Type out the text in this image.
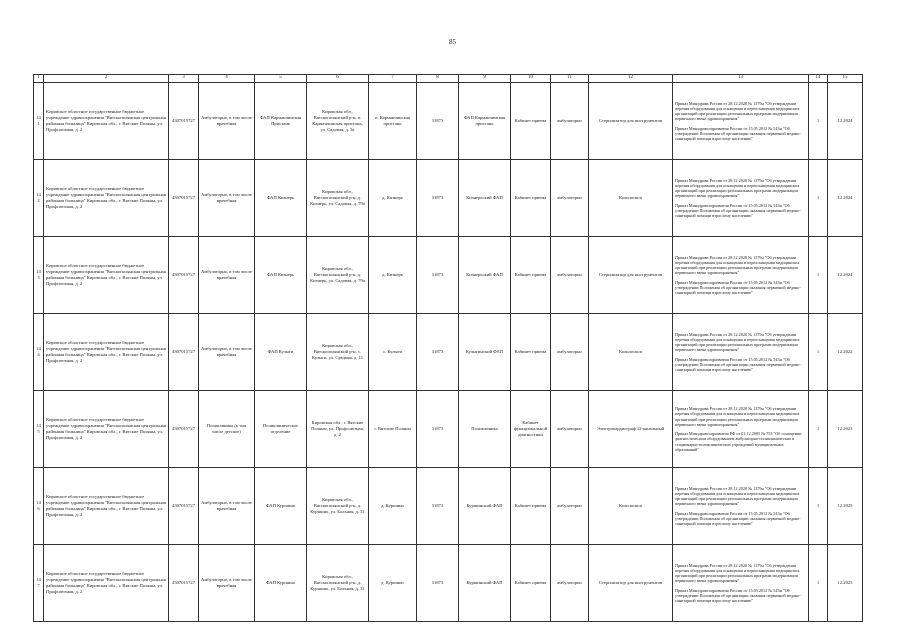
85
1	2	3	4	5	6	7	8	9	10	11	12	13	14	15
141	Кировское областное государственное бюджетное учреждение здравоохранения "Вятскополянская центральная районная больница" Кировская обл., г. Вятские Поляны, ул. Профсоюзная, д. 2	4307015727	Амбулаторно, в том числе врачебная	ФАП Карманчинская Пристань	Кировская обл., Вятскополянский р-н, п. Карманчинская пристань, ул. Садовая, д. 5а	п. Карманчинская пристань	31873	ФАП Карманчинская пристань	Кабинет приема	амбулаторно	Стерилизатор для инструментов	Приказ Минздрава России от 28.12.2020 № 1379н "Об утверждении перечня оборудования для оснащения и переоснащения медицинских организаций при реализации региональных программ модернизации первичного звена здравоохранения"
Приказ Минздравсоцразвития России от 15.05.2012 № 543н "Об утверждении Положения об организации оказания первичной медико-санитарной помощи взрослому населению"	1	12.2024
142	Кировское областное государственное бюджетное учреждение здравоохранения "Вятскополянская центральная районная больница" Кировская обл., г. Вятские Поляны, ул. Профсоюзная, д. 2	4307015727	Амбулаторно, в том числе врачебная	ФАП Кизнерь	Кировская обл., Вятскополянский р-н, д. Кизнерь, ул. Садовая, д. 79а	д. Кизнерь	31873	Кизнерьский ФАП	Кабинет приема	амбулаторно	Кольпоскоп	Приказ Минздрава России от 28.12.2020 № 1379н "Об утверждении перечня оборудования для оснащения и переоснащения медицинских организаций при реализации региональных программ модернизации первичного звена здравоохранения"
Приказ Минздравсоцразвития России от 15.05.2012 № 543н "Об утверждении Положения об организации оказания первичной медико-санитарной помощи взрослому населению"	1	12.2024
143	Кировское областное государственное бюджетное учреждение здравоохранения "Вятскополянская центральная районная больница" Кировская обл., г. Вятские Поляны, ул. Профсоюзная, д. 2	4307015727	Амбулаторно, в том числе врачебная	ФАП Кизнерь	Кировская обл., Вятскополянский р-н, д. Кизнерь, ул. Садовая, д. 79а	д. Кизнерь	31873	Кизнерьский ФАП	Кабинет приема	амбулаторно	Стерилизатор для инструментов	Приказ Минздрава России от 28.12.2020 № 1379н "Об утверждении перечня оборудования для оснащения и переоснащения медицинских организаций при реализации региональных программ модернизации первичного звена здравоохранения"
Приказ Минздравсоцразвития России от 15.05.2012 № 543н "Об утверждении Положения об организации оказания первичной медико-санитарной помощи взрослому населению"	1	12.2024
144	Кировское областное государственное бюджетное учреждение здравоохранения "Вятскополянская центральная районная больница" Кировская обл., г. Вятские Поляны, ул. Профсоюзная, д. 2	4307015727	Амбулаторно, в том числе врачебная	ФАП Кулыги	Кировская обл., Вятскополянский р-н, с. Кулыги, ул. Средняя, д. 11	с. Кулыги	31873	Кулыгинский ФАП	Кабинет приема	амбулаторно	Кольпоскоп	Приказ Минздрава России от 28.12.2020 № 1379н "Об утверждении перечня оборудования для оснащения и переоснащения медицинских организаций при реализации региональных программ модернизации первичного звена здравоохранения"
Приказ Минздравсоцразвития России от 15.05.2012 № 543н "Об утверждении Положения об организации оказания первичной медико-санитарной помощи взрослому населению"	1	12.2022
145	Кировское областное государственное бюджетное учреждение здравоохранения "Вятскополянская центральная районная больница" Кировская обл., г. Вятские Поляны, ул. Профсоюзная, д. 2	4307015727	Поликлиника (в том числе детское)	Поликлиническое отделение	Кировская обл., г. Вятские Поляны, ул. Профсоюзная, д. 2	г. Вятские Поляны	31873	Поликлиника	Кабинет функциональной диагностики	амбулаторно	Электрокардиограф 12-канальный	Приказ Минздрава России от 28.12.2020 № 1379н "Об утверждении перечня оборудования для оснащения и переоснащения медицинских организаций при реализации региональных программ модернизации первичного звена здравоохранения"
Приказ Минздравсоцразвития РФ от 01.12.2005 № 753 "Об оснащении диагностическим оборудованием амбулаторно-поликлинических и стационарно-поликлинических учреждений муниципальных образований"	1	12.2021
146	Кировское областное государственное бюджетное учреждение здравоохранения "Вятскополянская центральная районная больница" Кировская обл., г. Вятские Поляны, ул. Профсоюзная, д. 2	4307015727	Амбулаторно, в том числе врачебная	ФАП Куршино	Кировская обл., Вятскополянский р-н, д. Куршино, ул. Больная, д. 31	д. Куршино	31873	Куршинский ФАП	Кабинет приема	амбулаторно	Кольпоскоп	Приказ Минздрава России от 28.12.2020 № 1379н "Об утверждении перечня оборудования для оснащения и переоснащения медицинских организаций при реализации региональных программ модернизации первичного звена здравоохранения"
Приказ Минздравсоцразвития России от 15.05.2012 № 543н "Об утверждении Положения об организации оказания первичной медико-санитарной помощи взрослому населению"	1	12.2025
147	Кировское областное государственное бюджетное учреждение здравоохранения "Вятскополянская центральная районная больница" Кировская обл., г. Вятские Поляны, ул. Профсоюзная, д. 2	4307015727	Амбулаторно, в том числе врачебная	ФАП Куршино	Кировская обл., Вятскополянский р-н, д. Куршино, ул. Больная, д. 31	д. Куршино	31873	Куршинский ФАП	Кабинет приема	амбулаторно	Стерилизатор для инструментов	Приказ Минздрава России от 28.12.2020 № 1379н "Об утверждении перечня оборудования для оснащения и переоснащения медицинских организаций при реализации региональных программ модернизации первичного звена здравоохранения"
Приказ Минздравсоцразвития России от 15.05.2012 № 543н "Об утверждении Положения об организации оказания первичной медико-санитарной помощи взрослому населению"	1	12.2025
